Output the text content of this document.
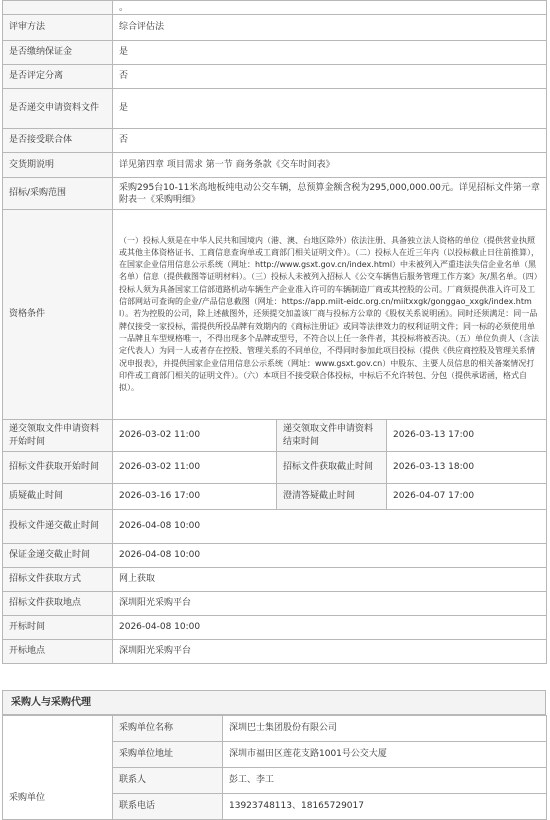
	。		
评审方法	综合评估法		
是否缴纳保证金	是		
是否评定分离	否		
是否递交申请资料文件	是		
是否接受联合体	否		
交货期说明	详见第四章 项目需求 第一节 商务条款《交车时间表》		
招标/采购范围	采购295台10-11米高地板纯电动公交车辆，总预算金额含税为295,000,000.00元。详见招标文件第一章附表一《采购明细》		
资格条件	（一）投标人须是在中华人民共和国境内（港、澳、台地区除外）依法注册、具备独立法人资格的单位（提供营业执照或其他主体资格证书、工商信息查询单或工商部门相关证明文件）。（二）投标人在近三年内（以投标截止日往前推算），在国家企业信用信息公示系统（网址：http://www.gsxt.gov.cn/index.html）中未被列入严重违法失信企业名单（黑名单）信息（提供截图等证明材料）。（三）投标人未被列入招标人《公交车辆售后服务管理工作方案》灰/黑名单。（四）投标人须为具备国家工信部道路机动车辆生产企业准入许可的车辆制造厂商或其控股的公司。厂商须提供准入许可及工信部网站可查询的企业/产品信息截图（网址：https://app.miit-eidc.org.cn/miitxxgk/gonggao_xxgk/index.html）。若为控股的公司，除上述截图外，还须提交加盖该厂商与投标方公章的《股权关系说明函》。同时还须满足：同一品牌仅接受一家投标，需提供所投品牌有效期内的《商标注册证》或同等法律效力的权利证明文件；同一标的必须使用单一品牌且车型规格唯一，不得出现多个品牌或型号，不符合以上任一条件者，其投标将被否决。（五）单位负责人（含法定代表人）为同一人或者存在控股、管理关系的不同单位，不得同时参加此项目投标（提供《供应商控股及管理关系情况申报表》，并提供国家企业信用信息公示系统（网址：www.gsxt.gov.cn）中股东、主要人员信息的相关备案情况打印件或工商部门相关的证明文件）。（六）本项目不接受联合体投标，中标后不允许转包、分包（提供承诺函，格式自拟）。		
递交领取文件申请资料开始时间	2026-03-02 11:00	递交领取文件申请资料结束时间	2026-03-13 17:00
招标文件获取开始时间	2026-03-02 11:00	招标文件获取截止时间	2026-03-13 18:00
质疑截止时间	2026-03-16 17:00	澄清答疑截止时间	2026-04-07 17:00
投标文件递交截止时间	2026-04-08 10:00		
保证金递交截止时间	2026-04-08 10:00		
招标文件获取方式	网上获取		
招标文件获取地点	深圳阳光采购平台		
开标时间	2026-04-08 10:00		
开标地点	深圳阳光采购平台		
采购人与采购代理
采购单位	采购单位名称	深圳巴士集团股份有限公司
	采购单位地址	深圳市福田区莲花支路1001号公交大厦
	联系人	彭工、李工
	联系电话	13923748113、18165729017
